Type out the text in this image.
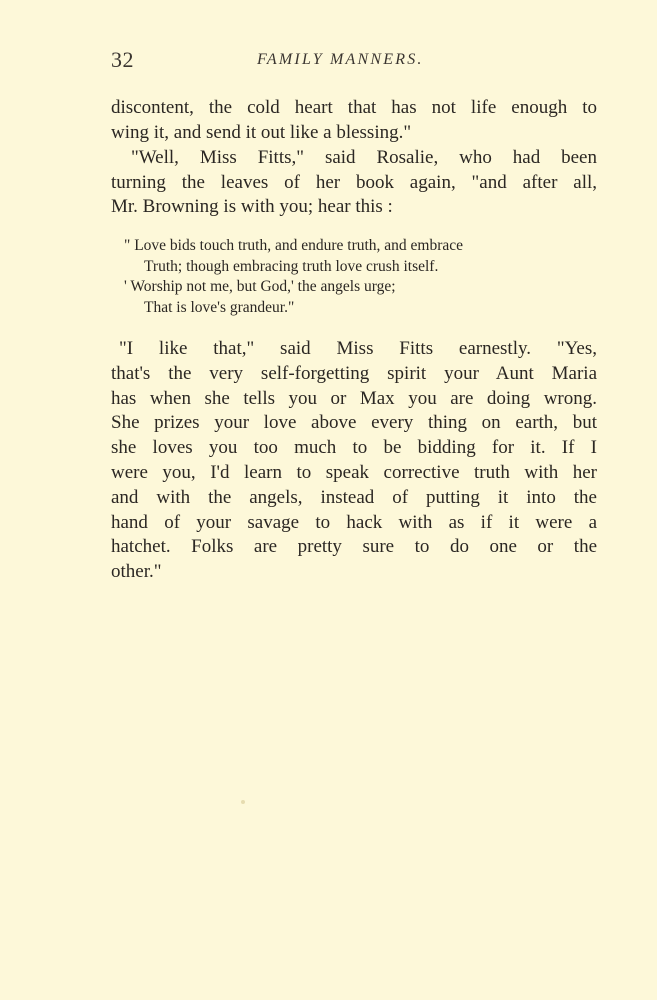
32	FAMILY MANNERS.
discontent, the cold heart that has not life enough to
wing it, and send it out like a blessing."
"Well, Miss Fitts," said Rosalie, who had been
turning the leaves of her book again, "and after all,
Mr. Browning is with you; hear this :
" Love bids touch truth, and endure truth, and embrace
Truth; though embracing truth love crush itself.
' Worship not me, but God,' the angels urge;
That is love's grandeur."
"I like that," said Miss Fitts earnestly. "Yes,
that's the very self-forgetting spirit your Aunt Maria
has when she tells you or Max you are doing wrong.
She prizes your love above every thing on earth, but
she loves you too much to be bidding for it. If I
were you, I'd learn to speak corrective truth with her
and with the angels, instead of putting it into the
hand of your savage to hack with as if it were a
hatchet. Folks are pretty sure to do one or the
other."
